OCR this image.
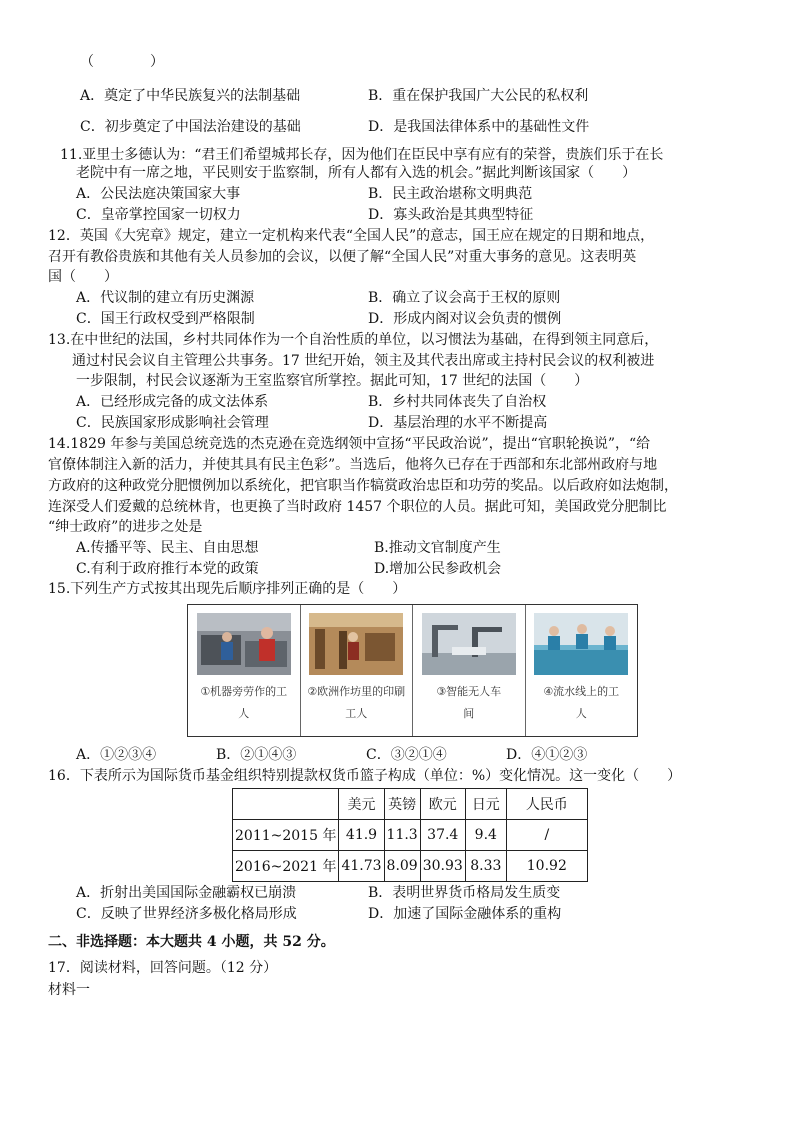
（　　　　）
A．奠定了中华民族复兴的法制基础	B．重在保护我国广大公民的私权利
C．初步奠定了中国法治建设的基础	D．是我国法律体系中的基础性文件
11.亚里士多德认为：“君王们希望城邦长存，因为他们在臣民中享有应有的荣誉，贵族们乐于在长
老院中有一席之地，平民则安于监察制，所有人都有入选的机会。”据此判断该国家（　　）
A．公民法庭决策国家大事	B．民主政治堪称文明典范
C．皇帝掌控国家一切权力	D．寡头政治是其典型特征
12．英国《大宪章》规定，建立一定机构来代表“全国人民”的意志，国王应在规定的日期和地点，
召开有教俗贵族和其他有关人员参加的会议，以便了解“全国人民”对重大事务的意见。这表明英
国（　　）
A．代议制的建立有历史渊源	B．确立了议会高于王权的原则
C．国王行政权受到严格限制	D．形成内阁对议会负责的惯例
13.在中世纪的法国，乡村共同体作为一个自治性质的单位，以习惯法为基础，在得到领主同意后，
通过村民会议自主管理公共事务。17 世纪开始，领主及其代表出席或主持村民会议的权利被进
一步限制，村民会议逐渐为王室监察官所掌控。据此可知，17 世纪的法国（　　）
A．已经形成完备的成文法体系	B．乡村共同体丧失了自治权
C．民族国家形成影响社会管理	D．基层治理的水平不断提高
14.1829 年参与美国总统竞选的杰克逊在竞选纲领中宣扬“平民政治说”，提出“官职轮换说”，“给
官僚体制注入新的活力，并使其具有民主色彩”。当选后，他将久已存在于西部和东北部州政府与地
方政府的这种政党分肥惯例加以系统化，把官职当作犒赏政治忠臣和功劳的奖品。以后政府如法炮制，
连深受人们爱戴的总统林肯，也更换了当时政府 1457 个职位的人员。据此可知，美国政党分肥制比
“绅士政府”的进步之处是
A.传播平等、民主、自由思想	B.推动文官制度产生
C.有利于政府推行本党的政策	D.增加公民参政机会
15.下列生产方式按其出现先后顺序排列正确的是（　　）
①机器旁劳作的工
人
②欧洲作坊里的印刷
工人
③智能无人车
间
④流水线上的工
人
A．①②③④	B．②①④③	C．③②①④	D．④①②③
16．下表所示为国际货币基金组织特别提款权货币篮子构成（单位：%）变化情况。这一变化（　　）
	美元	英镑	欧元	日元	人民币
2011~2015 年	41.9	11.3	37.4	9.4	/
2016~2021 年	41.73	8.09	30.93	8.33	10.92
A．折射出美国国际金融霸权已崩溃	B．表明世界货币格局发生质变
C．反映了世界经济多极化格局形成	D．加速了国际金融体系的重构
二、非选择题：本大题共 4 小题，共 52 分。
17．阅读材料，回答问题。（12 分）
材料一
